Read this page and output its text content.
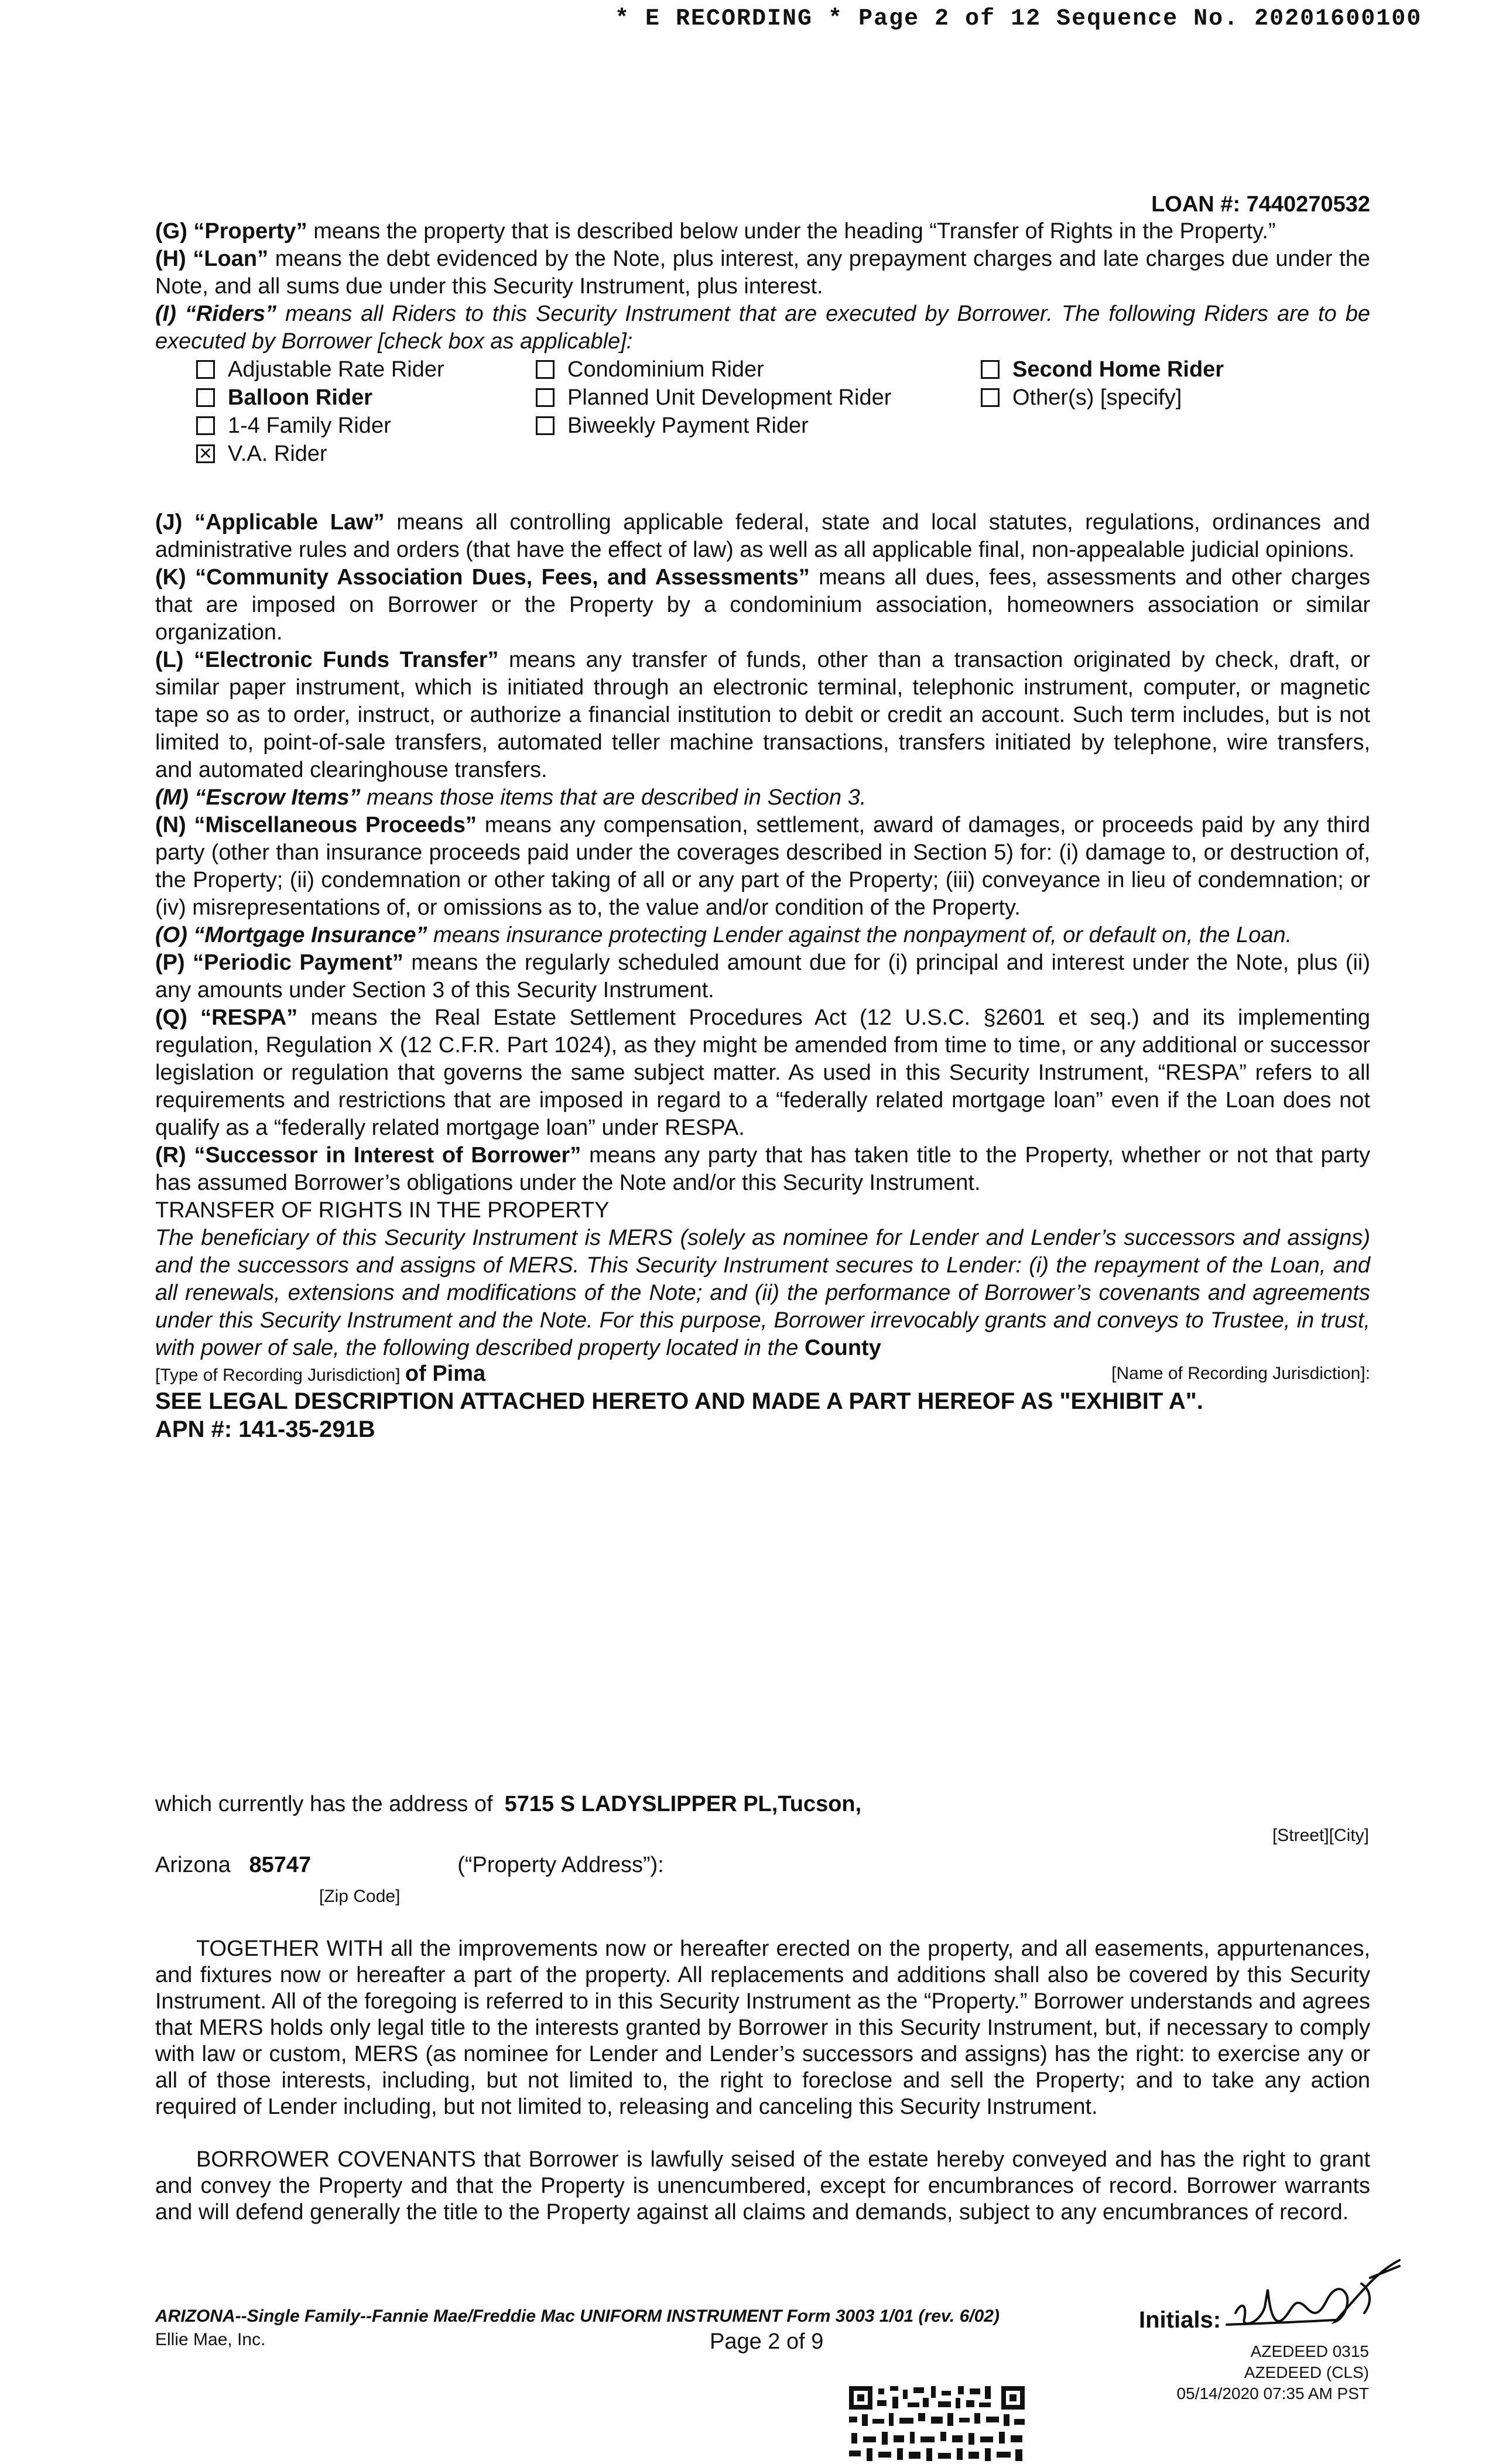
* E RECORDING * Page 2 of 12 Sequence No. 20201600100
LOAN #: 7440270532

(G) “Property” means the property that is described below under the heading “Transfer of Rights in the Property.”

(H) “Loan” means the debt evidenced by the Note, plus interest, any prepayment charges and late charges due under the Note, and all sums due under this Security Instrument, plus interest.

(I) “Riders” means all Riders to this Security Instrument that are executed by Borrower. The following Riders are to be executed by Borrower [check box as applicable]:

Adjustable Rate Rider	Condominium Rider	Second Home Rider
Balloon Rider	Planned Unit Development Rider	Other(s) [specify]
1-4 Family Rider	Biweekly Payment Rider
✕ V.A. Rider

(J) “Applicable Law” means all controlling applicable federal, state and local statutes, regulations, ordinances and administrative rules and orders (that have the effect of law) as well as all applicable final, non-appealable judicial opinions.

(K) “Community Association Dues, Fees, and Assessments” means all dues, fees, assessments and other charges that are imposed on Borrower or the Property by a condominium association, homeowners association or similar organization.

(L) “Electronic Funds Transfer” means any transfer of funds, other than a transaction originated by check, draft, or similar paper instrument, which is initiated through an electronic terminal, telephonic instrument, computer, or magnetic tape so as to order, instruct, or authorize a financial institution to debit or credit an account. Such term includes, but is not limited to, point-of-sale transfers, automated teller machine transactions, transfers initiated by telephone, wire transfers, and automated clearinghouse transfers.

(M) “Escrow Items” means those items that are described in Section 3.

(N) “Miscellaneous Proceeds” means any compensation, settlement, award of damages, or proceeds paid by any third party (other than insurance proceeds paid under the coverages described in Section 5) for: (i) damage to, or destruction of, the Property; (ii) condemnation or other taking of all or any part of the Property; (iii) conveyance in lieu of condemnation; or (iv) misrepresentations of, or omissions as to, the value and/or condition of the Property.

(O) “Mortgage Insurance” means insurance protecting Lender against the nonpayment of, or default on, the Loan.

(P) “Periodic Payment” means the regularly scheduled amount due for (i) principal and interest under the Note, plus (ii) any amounts under Section 3 of this Security Instrument.

(Q) “RESPA” means the Real Estate Settlement Procedures Act (12 U.S.C. §2601 et seq.) and its implementing regulation, Regulation X (12 C.F.R. Part 1024), as they might be amended from time to time, or any additional or successor legislation or regulation that governs the same subject matter. As used in this Security Instrument, “RESPA” refers to all requirements and restrictions that are imposed in regard to a “federally related mortgage loan” even if the Loan does not qualify as a “federally related mortgage loan” under RESPA.

(R) “Successor in Interest of Borrower” means any party that has taken title to the Property, whether or not that party has assumed Borrower’s obligations under the Note and/or this Security Instrument.

TRANSFER OF RIGHTS IN THE PROPERTY

The beneficiary of this Security Instrument is MERS (solely as nominee for Lender and Lender’s successors and assigns) and the successors and assigns of MERS. This Security Instrument secures to Lender: (i) the repayment of the Loan, and all renewals, extensions and modifications of the Note; and (ii) the performance of Borrower’s covenants and agreements under this Security Instrument and the Note. For this purpose, Borrower irrevocably grants and conveys to Trustee, in trust, with power of sale, the following described property located in the County

[Type of Recording Jurisdiction] of Pima	[Name of Recording Jurisdiction]:

SEE LEGAL DESCRIPTION ATTACHED HERETO AND MADE A PART HEREOF AS "EXHIBIT A".

APN #: 141-35-291B

which currently has the address of 5715 S LADYSLIPPER PL,Tucson,
[Street][City]
Arizona 85747	(“Property Address”):
[Zip Code]
TOGETHER WITH all the improvements now or hereafter erected on the property, and all easements, appurtenances, and fixtures now or hereafter a part of the property. All replacements and additions shall also be covered by this Security Instrument. All of the foregoing is referred to in this Security Instrument as the “Property.” Borrower understands and agrees that MERS holds only legal title to the interests granted by Borrower in this Security Instrument, but, if necessary to comply with law or custom, MERS (as nominee for Lender and Lender’s successors and assigns) has the right: to exercise any or all of those interests, including, but not limited to, the right to foreclose and sell the Property; and to take any action required of Lender including, but not limited to, releasing and canceling this Security Instrument.
BORROWER COVENANTS that Borrower is lawfully seised of the estate hereby conveyed and has the right to grant and convey the Property and that the Property is unencumbered, except for encumbrances of record. Borrower warrants and will defend generally the title to the Property against all claims and demands, subject to any encumbrances of record.
ARIZONA--Single Family--Fannie Mae/Freddie Mac UNIFORM INSTRUMENT Form 3003 1/01 (rev. 6/02)
Ellie Mae, Inc.	Page 2 of 9
Initials:
AZEDEED 0315
AZEDEED (CLS)
05/14/2020 07:35 AM PST
